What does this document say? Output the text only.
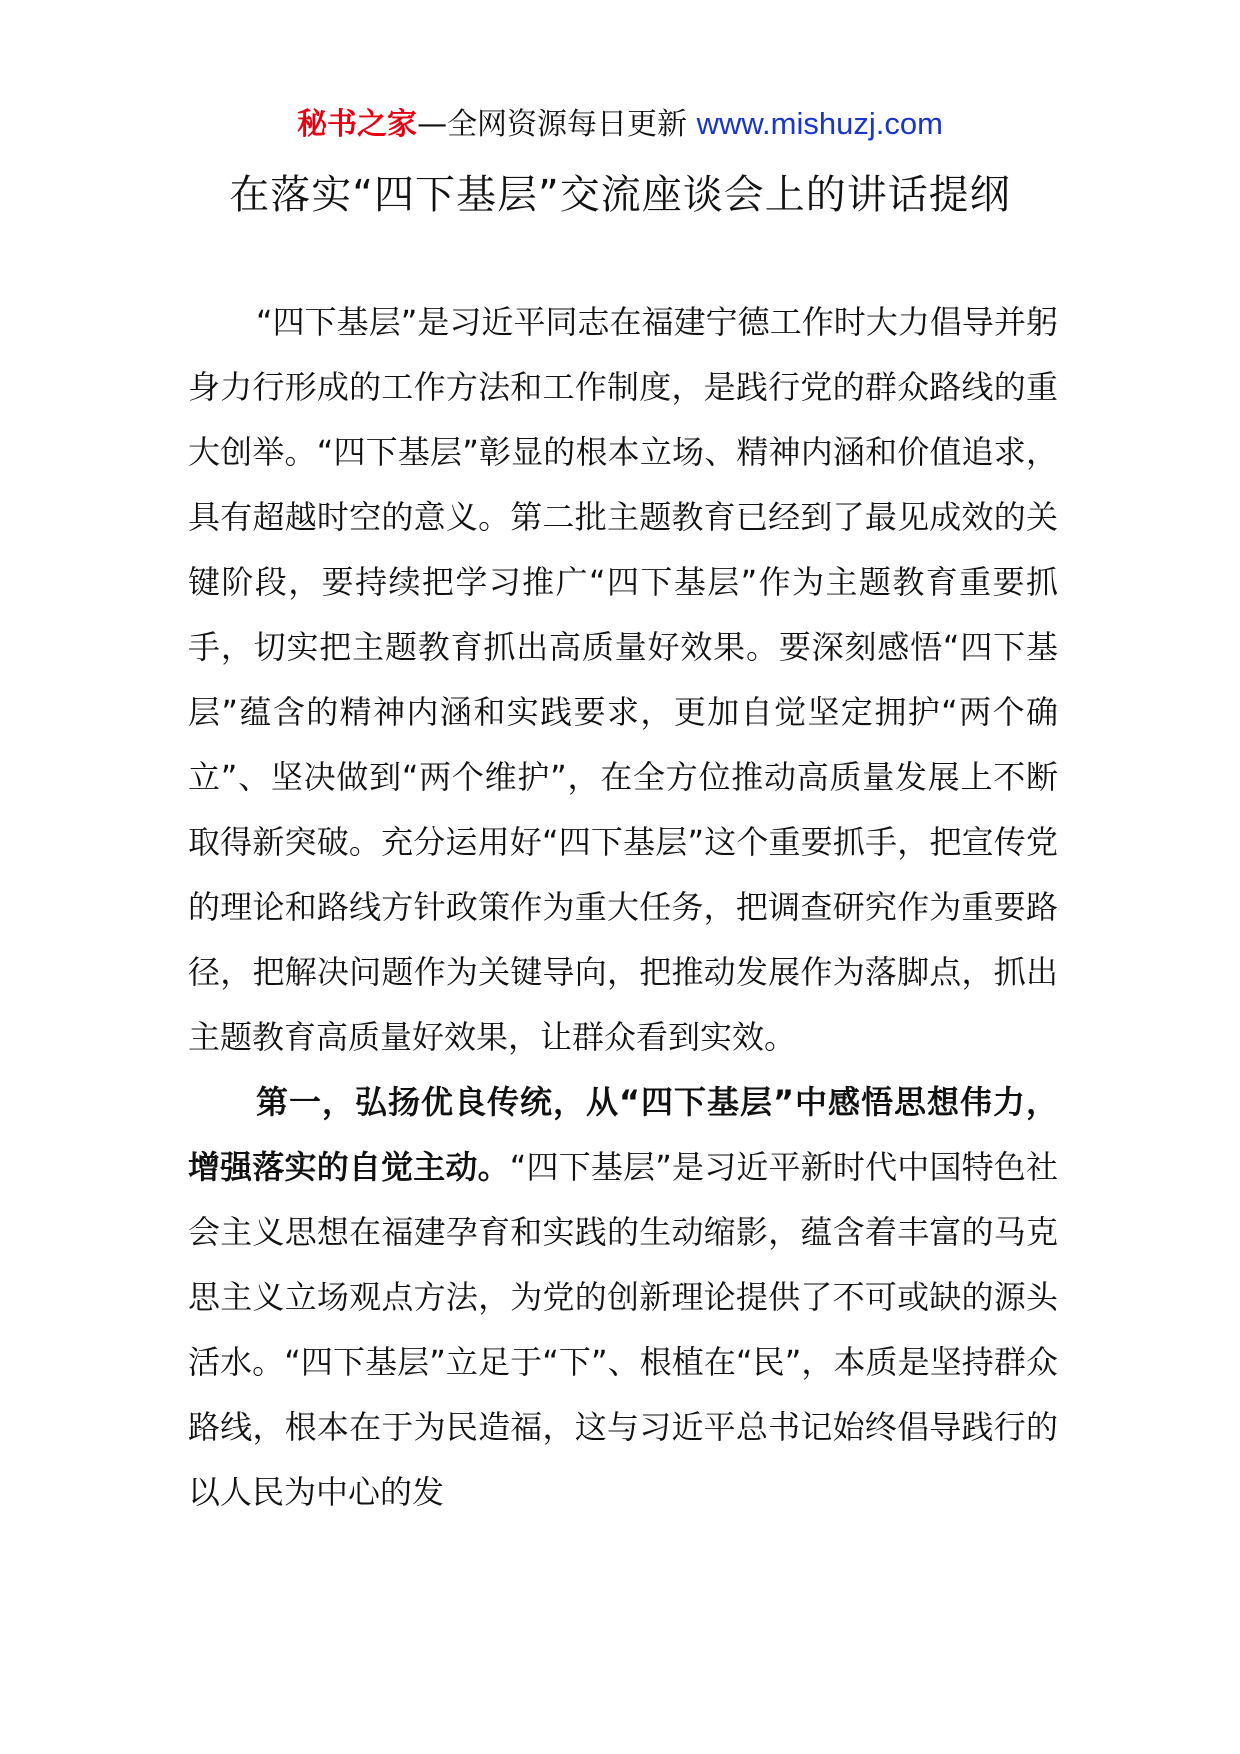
秘书之家—全网资源每日更新 www.mishuzj.com
在落实“四下基层”交流座谈会上的讲话提纲

“四下基层”是习近平同志在福建宁德工作时大力倡导并躬身力行形成的工作方法和工作制度，是践行党的群众路线的重大创举。“四下基层”彰显的根本立场、精神内涵和价值追求，具有超越时空的意义。第二批主题教育已经到了最见成效的关键阶段，要持续把学习推广“四下基层”作为主题教育重要抓手，切实把主题教育抓出高质量好效果。要深刻感悟“四下基层”蕴含的精神内涵和实践要求，更加自觉坚定拥护“两个确立”、坚决做到“两个维护”，在全方位推动高质量发展上不断取得新突破。充分运用好“四下基层”这个重要抓手，把宣传党的理论和路线方针政策作为重大任务，把调查研究作为重要路径，把解决问题作为关键导向，把推动发展作为落脚点，抓出主题教育高质量好效果，让群众看到实效。

第一，弘扬优良传统，从“四下基层”中感悟思想伟力，增强落实的自觉主动。“四下基层”是习近平新时代中国特色社会主义思想在福建孕育和实践的生动缩影，蕴含着丰富的马克思主义立场观点方法，为党的创新理论提供了不可或缺的源头活水。“四下基层”立足于“下”、根植在“民”，本质是坚持群众路线，根本在于为民造福，这与习近平总书记始终倡导践行的以人民为中心的发
